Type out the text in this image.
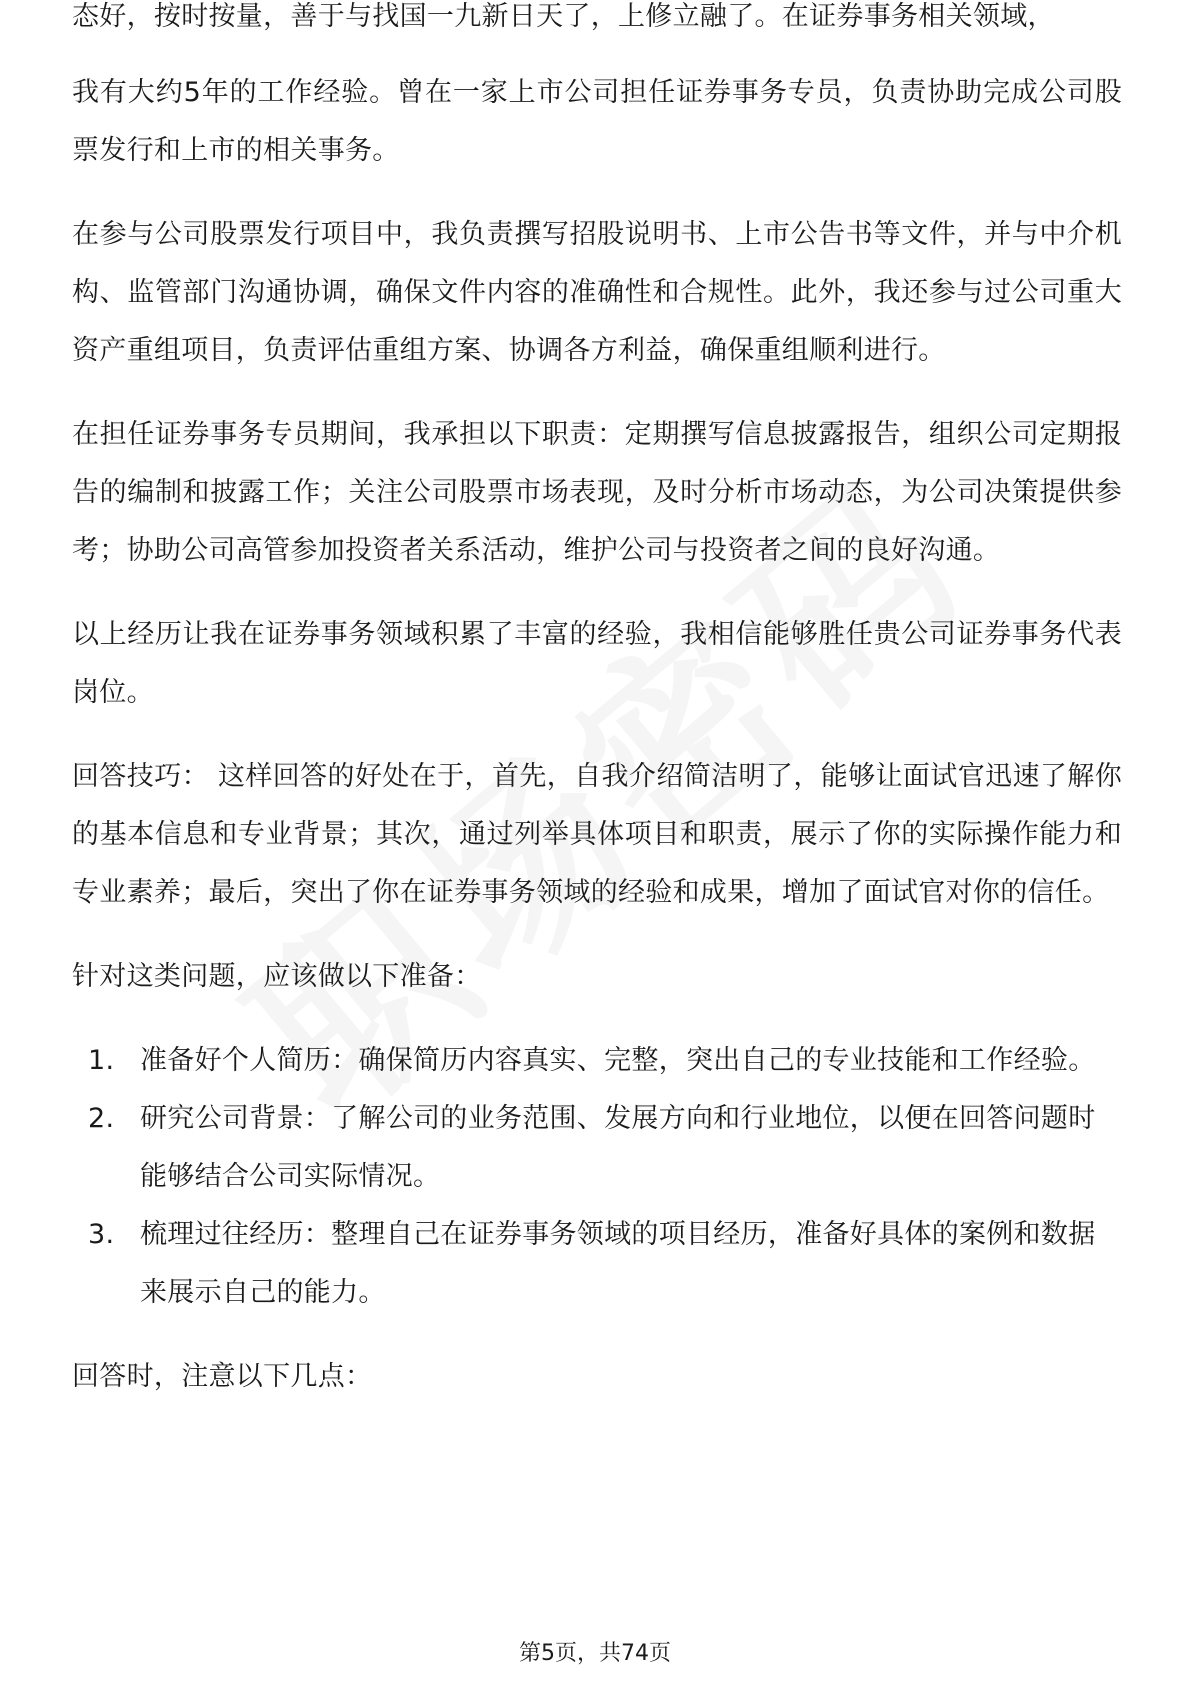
态好，按时按量，善于与找国一九新日天了，上修立融了。在证券事务相关领域，

我有大约5年的工作经验。曾在一家上市公司担任证券事务专员，负责协助完成公司股票发行和上市的相关事务。

在参与公司股票发行项目中，我负责撰写招股说明书、上市公告书等文件，并与中介机构、监管部门沟通协调，确保文件内容的准确性和合规性。此外，我还参与过公司重大资产重组项目，负责评估重组方案、协调各方利益，确保重组顺利进行。

在担任证券事务专员期间，我承担以下职责：定期撰写信息披露报告，组织公司定期报告的编制和披露工作；关注公司股票市场表现，及时分析市场动态，为公司决策提供参考；协助公司高管参加投资者关系活动，维护公司与投资者之间的良好沟通。

以上经历让我在证券事务领域积累了丰富的经验，我相信能够胜任贵公司证券事务代表岗位。

回答技巧： 这样回答的好处在于，首先，自我介绍简洁明了，能够让面试官迅速了解你的基本信息和专业背景；其次，通过列举具体项目和职责，展示了你的实际操作能力和专业素养；最后，突出了你在证券事务领域的经验和成果，增加了面试官对你的信任。

针对这类问题，应该做以下准备：

1. 准备好个人简历：确保简历内容真实、完整，突出自己的专业技能和工作经验。
2. 研究公司背景：了解公司的业务范围、发展方向和行业地位，以便在回答问题时能够结合公司实际情况。
3. 梳理过往经历：整理自己在证券事务领域的项目经历，准备好具体的案例和数据来展示自己的能力。

回答时，注意以下几点：

第5页，共74页
